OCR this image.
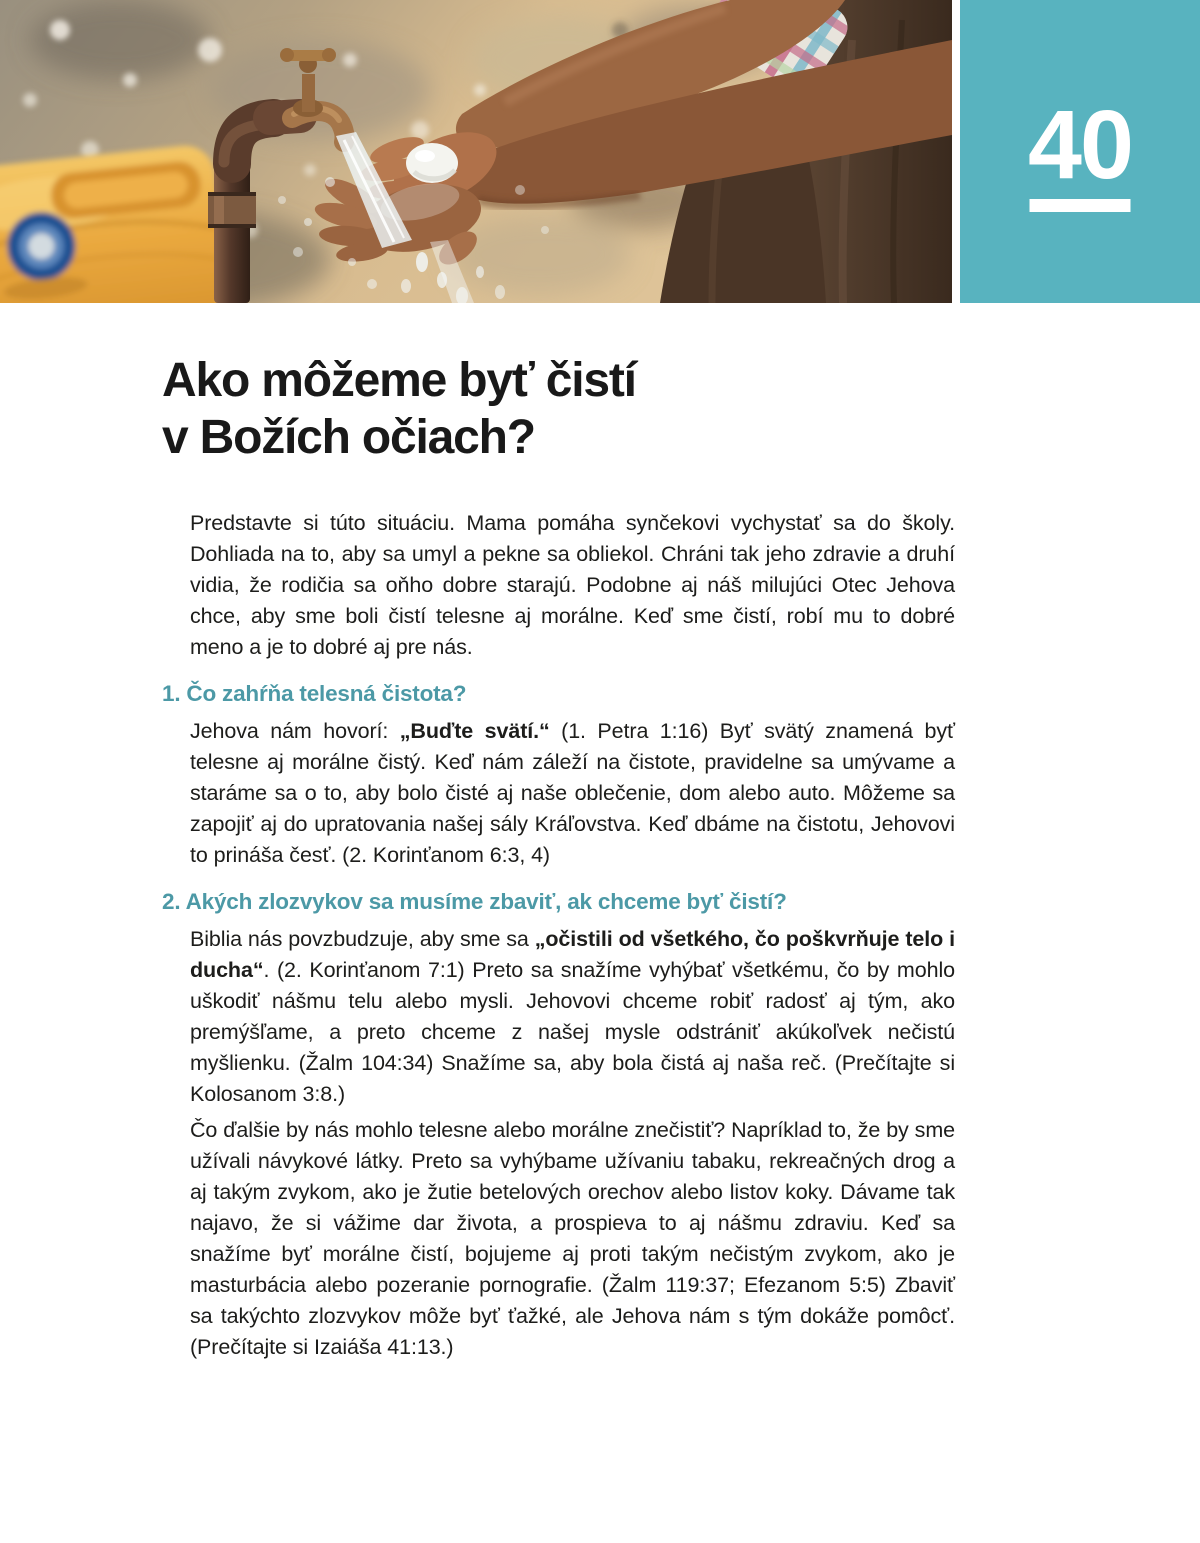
40
Ako môžeme byť čistí
v Božích očiach?

Predstavte si túto situáciu. Mama pomáha synčekovi vychystať sa do školy. Dohliada na to, aby sa umyl a pekne sa obliekol. Chráni tak jeho zdravie a druhí vidia, že rodičia sa oňho dobre starajú. Podobne aj náš milujúci Otec Jehova chce, aby sme boli čistí telesne aj morálne. Keď sme čistí, robí mu to dobré meno a je to dobré aj pre nás.

1. Čo zahŕňa telesná čistota?

Jehova nám hovorí: „Buďte svätí.“ (1. Petra 1:16) Byť svätý znamená byť telesne aj morálne čistý. Keď nám záleží na čistote, pravidelne sa umývame a staráme sa o to, aby bolo čisté aj naše oblečenie, dom alebo auto. Môžeme sa zapojiť aj do upratovania našej sály Kráľovstva. Keď dbáme na čistotu, Jehovovi to prináša česť. (2. Korinťanom 6:3, 4)

2. Akých zlozvykov sa musíme zbaviť, ak chceme byť čistí?

Biblia nás povzbudzuje, aby sme sa „očistili od všetkého, čo poškvrňuje telo i ducha“. (2. Korinťanom 7:1) Preto sa snažíme vyhýbať všetkému, čo by mohlo uškodiť nášmu telu alebo mysli. Jehovovi chceme robiť radosť aj tým, ako premýšľame, a preto chceme z našej mysle odstrániť akúkoľvek nečistú myšlienku. (Žalm 104:34) Snažíme sa, aby bola čistá aj naša reč. (Prečítajte si Kolosanom 3:8.)

Čo ďalšie by nás mohlo telesne alebo morálne znečistiť? Napríklad to, že by sme užívali návykové látky. Preto sa vyhýbame užívaniu tabaku, rekreačných drog a aj takým zvykom, ako je žutie betelových orechov alebo listov koky. Dávame tak najavo, že si vážime dar života, a prospieva to aj nášmu zdraviu. Keď sa snažíme byť morálne čistí, bojujeme aj proti takým nečistým zvykom, ako je masturbácia alebo pozeranie pornografie. (Žalm 119:37; Efezanom 5:5) Zbaviť sa takýchto zlozvykov môže byť ťažké, ale Jehova nám s tým dokáže pomôcť. (Prečítajte si Izaiáša 41:13.)
